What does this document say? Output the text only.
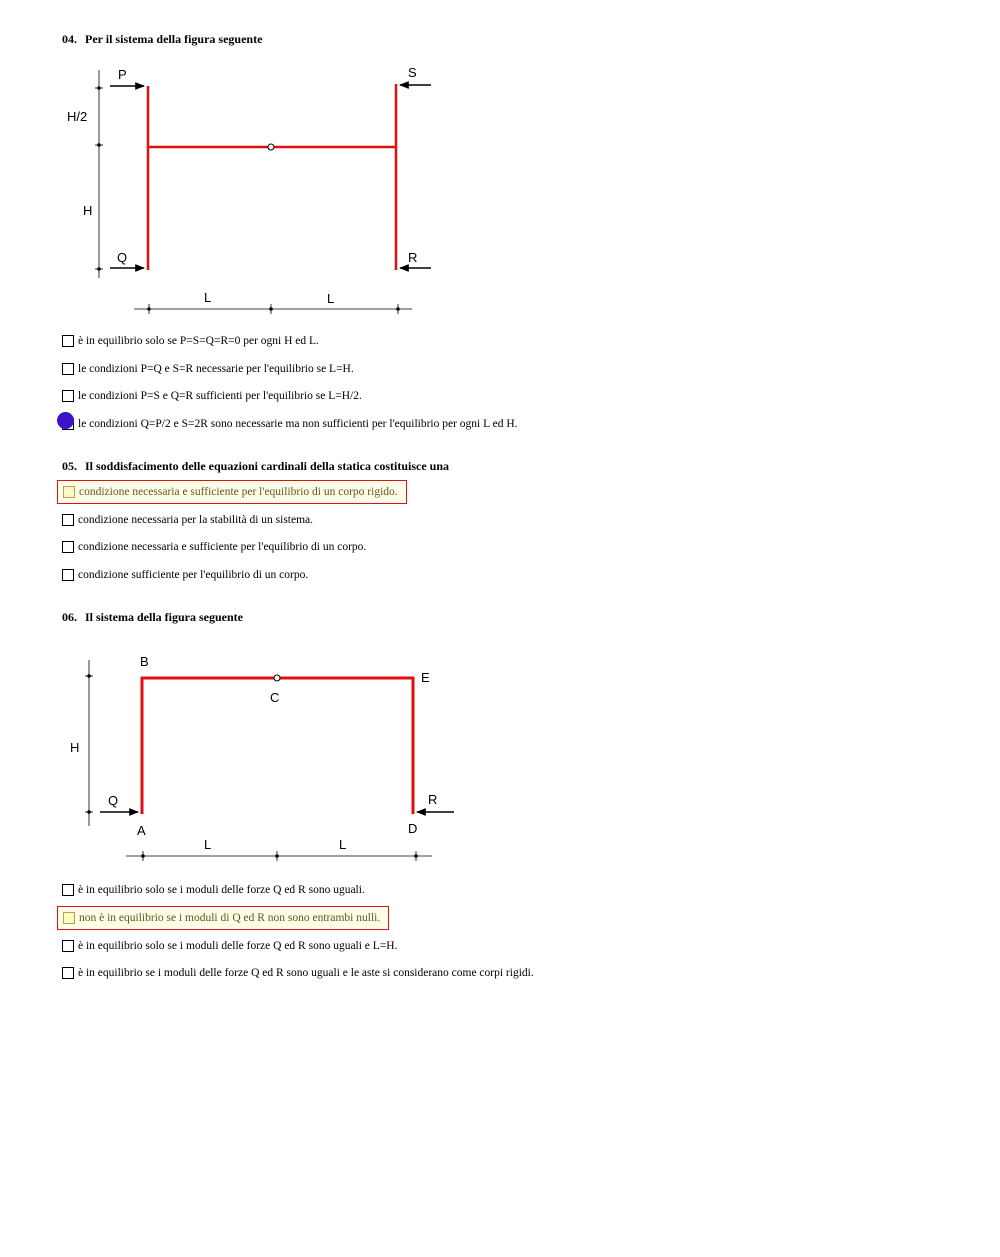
04. Per il sistema della figura seguente
H/2
H
P	S
Q	R
L	L
H
B
C
E
A	D
Q	R
L	L
è in equilibrio solo se P=S=Q=R=0 per ogni H ed L.
le condizioni P=Q e S=R necessarie per l'equilibrio se L=H.
le condizioni P=S e Q=R sufficienti per l'equilibrio se L=H/2.
le condizioni Q=P/2 e S=2R sono necessarie ma non sufficienti per l'equilibrio per ogni L ed H.
05. Il soddisfacimento delle equazioni cardinali della statica costituisce una
condizione necessaria e sufficiente per l'equilibrio di un corpo rigido.
condizione necessaria per la stabilità di un sistema.
condizione necessaria e sufficiente per l'equilibrio di un corpo.
condizione sufficiente per l'equilibrio di un corpo.
06. Il sistema della figura seguente
è in equilibrio solo se i moduli delle forze Q ed R sono uguali.
non è in equilibrio se i moduli di Q ed R non sono entrambi nulli.
è in equilibrio solo se i moduli delle forze Q ed R sono uguali e L=H.
è in equilibrio se i moduli delle forze Q ed R sono uguali e le aste si considerano come corpi rigidi.
